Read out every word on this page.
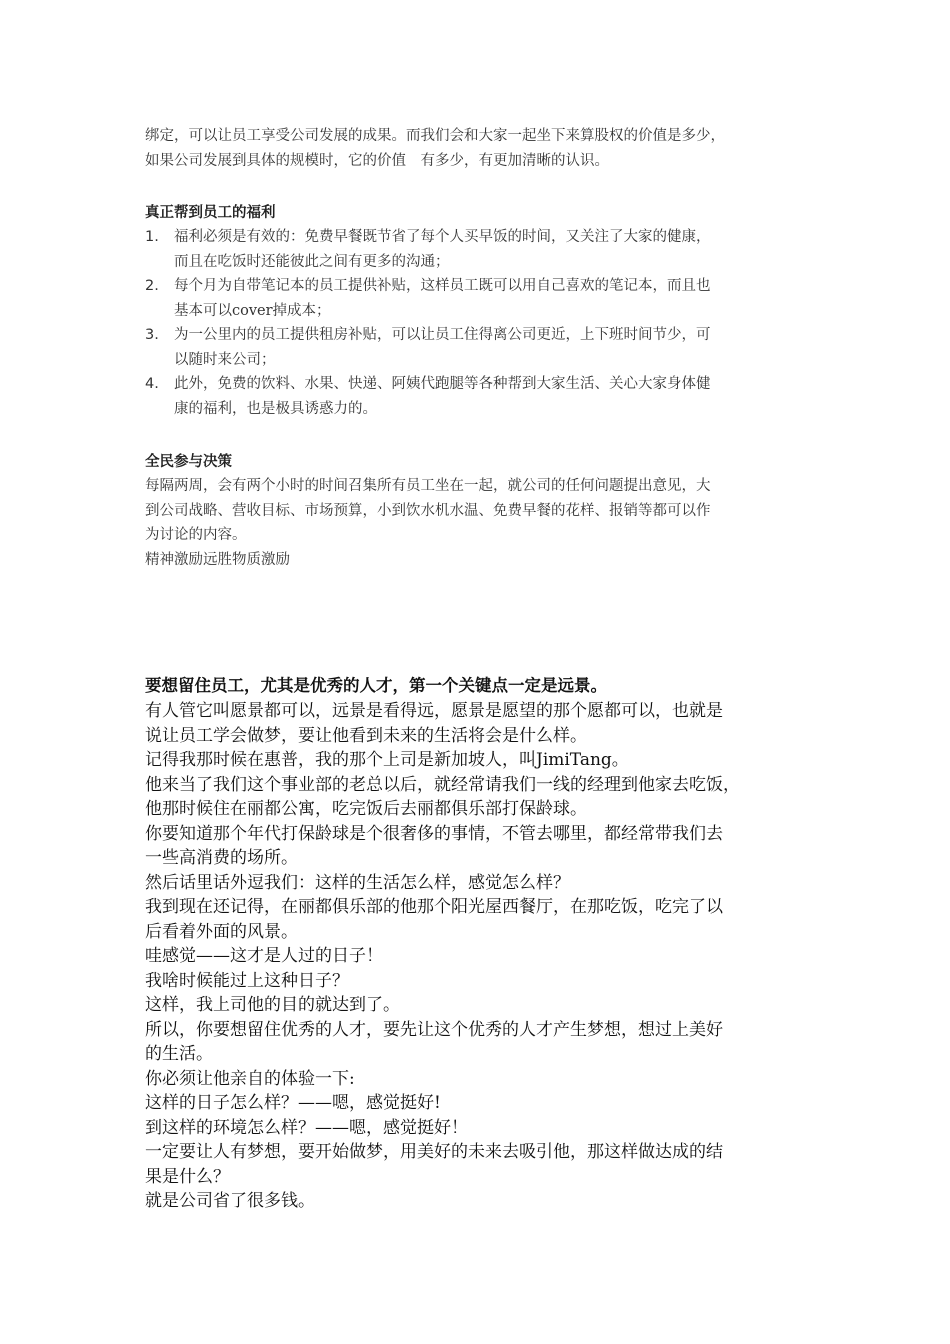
绑定，可以让员工享受公司发展的成果。而我们会和大家一起坐下来算股权的价值是多少，

如果公司发展到具体的规模时，它的价值　有多少，有更加清晰的认识。

真正帮到员工的福利

1. 福利必须是有效的：免费早餐既节省了每个人买早饭的时间，又关注了大家的健康，

而且在吃饭时还能彼此之间有更多的沟通；

2. 每个月为自带笔记本的员工提供补贴，这样员工既可以用自己喜欢的笔记本，而且也

基本可以cover掉成本；

3. 为一公里内的员工提供租房补贴，可以让员工住得离公司更近，上下班时间节少，可

以随时来公司；

4. 此外，免费的饮料、水果、快递、阿姨代跑腿等各种帮到大家生活、关心大家身体健

康的福利，也是极具诱惑力的。

全民参与决策

每隔两周，会有两个小时的时间召集所有员工坐在一起，就公司的任何问题提出意见，大

到公司战略、营收目标、市场预算，小到饮水机水温、免费早餐的花样、报销等都可以作

为讨论的内容。

精神激励远胜物质激励

要想留住员工，尤其是优秀的人才，第一个关键点一定是远景。

有人管它叫愿景都可以，远景是看得远，愿景是愿望的那个愿都可以，也就是

说让员工学会做梦，要让他看到未来的生活将会是什么样。

记得我那时候在惠普，我的那个上司是新加坡人，叫JimiTang。

他来当了我们这个事业部的老总以后，就经常请我们一线的经理到他家去吃饭，

他那时候住在丽都公寓，吃完饭后去丽都俱乐部打保龄球。

你要知道那个年代打保龄球是个很奢侈的事情，不管去哪里，都经常带我们去

一些高消费的场所。

然后话里话外逗我们：这样的生活怎么样，感觉怎么样？

我到现在还记得，在丽都俱乐部的他那个阳光屋西餐厅，在那吃饭，吃完了以

后看着外面的风景。

哇感觉——这才是人过的日子！

我啥时候能过上这种日子？

这样，我上司他的目的就达到了。

所以，你要想留住优秀的人才，要先让这个优秀的人才产生梦想，想过上美好

的生活。

你必须让他亲自的体验一下:

这样的日子怎么样？——嗯，感觉挺好!

到这样的环境怎么样？——嗯，感觉挺好！

一定要让人有梦想，要开始做梦，用美好的未来去吸引他，那这样做达成的结

果是什么？

就是公司省了很多钱。
